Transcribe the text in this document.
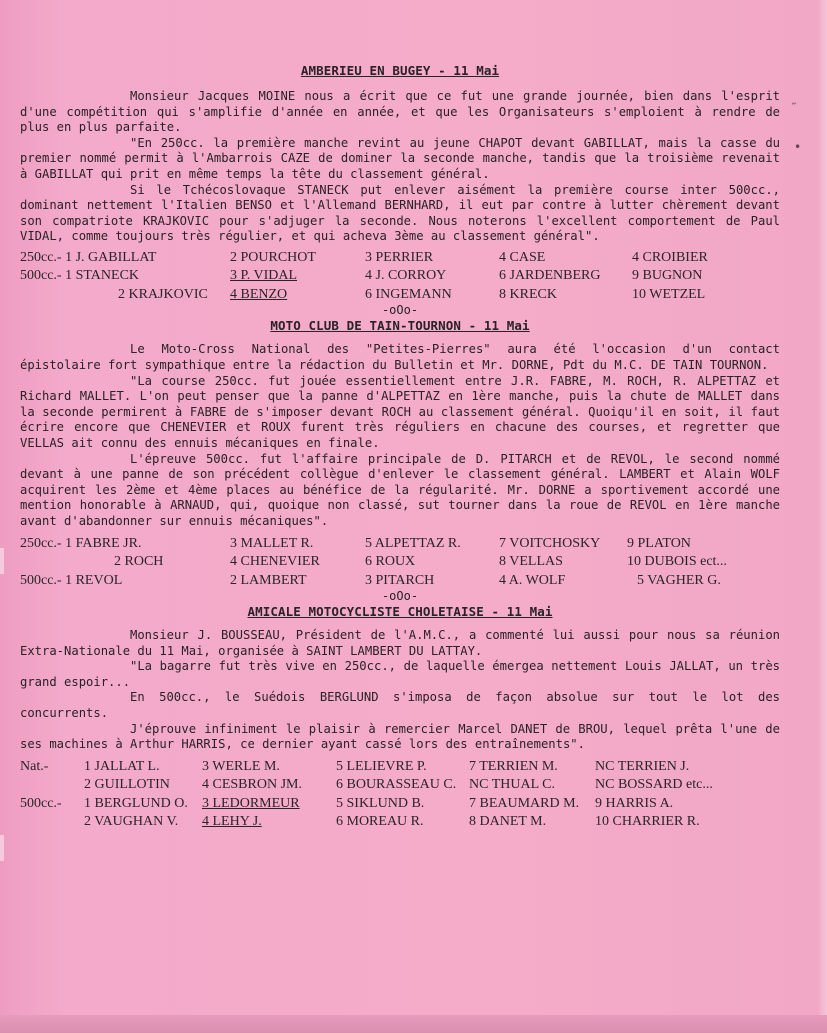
˶
•
AMBERIEU EN BUGEY - 11 Mai

Monsieur Jacques MOINE nous a écrit que ce fut une grande journée, bien dans l'esprit d'une compétition qui s'amplifie d'année en année, et que les Organisateurs s'emploient à rendre de plus en plus parfaite.

"En 250cc. la première manche revint au jeune CHAPOT devant GABILLAT, mais la casse du premier nommé permit à l'Ambarrois CAZE de dominer la seconde manche, tandis que la troisième revenait à GABILLAT qui prit en même temps la tête du classement général.

Si le Tchécoslovaque STANECK put enlever aisément la première course inter 500cc., dominant nettement l'Italien BENSO et l'Allemand BERNHARD, il eut par contre à lutter chèrement devant son compatriote KRAJKOVIC pour s'adjuger la seconde. Nous noterons l'excellent comportement de Paul VIDAL, comme toujours très régulier, et qui acheva 3ème au classement général".

250cc.- 1 J. GABILLAT	2 POURCHOT	3 PERRIER	4 CASE	4 CROIBIER
500cc.- 1 STANECK	3 P. VIDAL	4 J. CORROY	6 JARDENBERG	9 BUGNON
2 KRAJKOVIC	4 BENZO	6 INGEMANN	8 KRECK	10 WETZEL
-oOo-
MOTO CLUB DE TAIN-TOURNON - 11 Mai

Le Moto-Cross National des "Petites-Pierres" aura été l'occasion d'un contact épistolaire fort sympathique entre la rédaction du Bulletin et Mr. DORNE, Pdt du M.C. DE TAIN TOURNON.

"La course 250cc. fut jouée essentiellement entre J.R. FABRE, M. ROCH, R. ALPETTAZ et Richard MALLET. L'on peut penser que la panne d'ALPETTAZ en 1ère manche, puis la chute de MALLET dans la seconde permirent à FABRE de s'imposer devant ROCH au classement général. Quoiqu'il en soit, il faut écrire encore que CHENEVIER et ROUX furent très réguliers en chacune des courses, et regretter que VELLAS ait connu des ennuis mécaniques en finale.

L'épreuve 500cc. fut l'affaire principale de D. PITARCH et de REVOL, le second nommé devant à une panne de son précédent collègue d'enlever le classement général. LAMBERT et Alain WOLF acquirent les 2ème et 4ème places au bénéfice de la régularité. Mr. DORNE a sportivement accordé une mention honorable à ARNAUD, qui, quoique non classé, sut tourner dans la roue de REVOL en 1ère manche avant d'abandonner sur ennuis mécaniques".

250cc.- 1 FABRE JR.	3 MALLET R.	5 ALPETTAZ R.	7 VOITCHOSKY	9 PLATON
2 ROCH	4 CHENEVIER	6 ROUX	8 VELLAS	10 DUBOIS ect...
500cc.- 1 REVOL	2 LAMBERT	3 PITARCH	4 A. WOLF	5 VAGHER G.
-oOo-
AMICALE MOTOCYCLISTE CHOLETAISE - 11 Mai

Monsieur J. BOUSSEAU, Président de l'A.M.C., a commenté lui aussi pour nous sa réunion Extra-Nationale du 11 Mai, organisée à SAINT LAMBERT DU LATTAY.

"La bagarre fut très vive en 250cc., de laquelle émergea nettement Louis JALLAT, un très grand espoir...

En 500cc., le Suédois BERGLUND s'imposa de façon absolue sur tout le lot des concurrents.

J'éprouve infiniment le plaisir à remercier Marcel DANET de BROU, lequel prêta l'une de ses machines à Arthur HARRIS, ce dernier ayant cassé lors des entraînements".

Nat.-	1 JALLAT L.	3 WERLE M.	5 LELIEVRE P.	7 TERRIEN M.	NC TERRIEN J.
2 GUILLOTIN	4 CESBRON JM.	6 BOURASSEAU C. NC THUAL C.	NC BOSSARD etc...
500cc.-	1 BERGLUND O.	3 LEDORMEUR	5 SIKLUND B.	7 BEAUMARD M.	9 HARRIS A.
2 VAUGHAN V.	4 LEHY J.	6 MOREAU R.	8 DANET M.	10 CHARRIER R.
